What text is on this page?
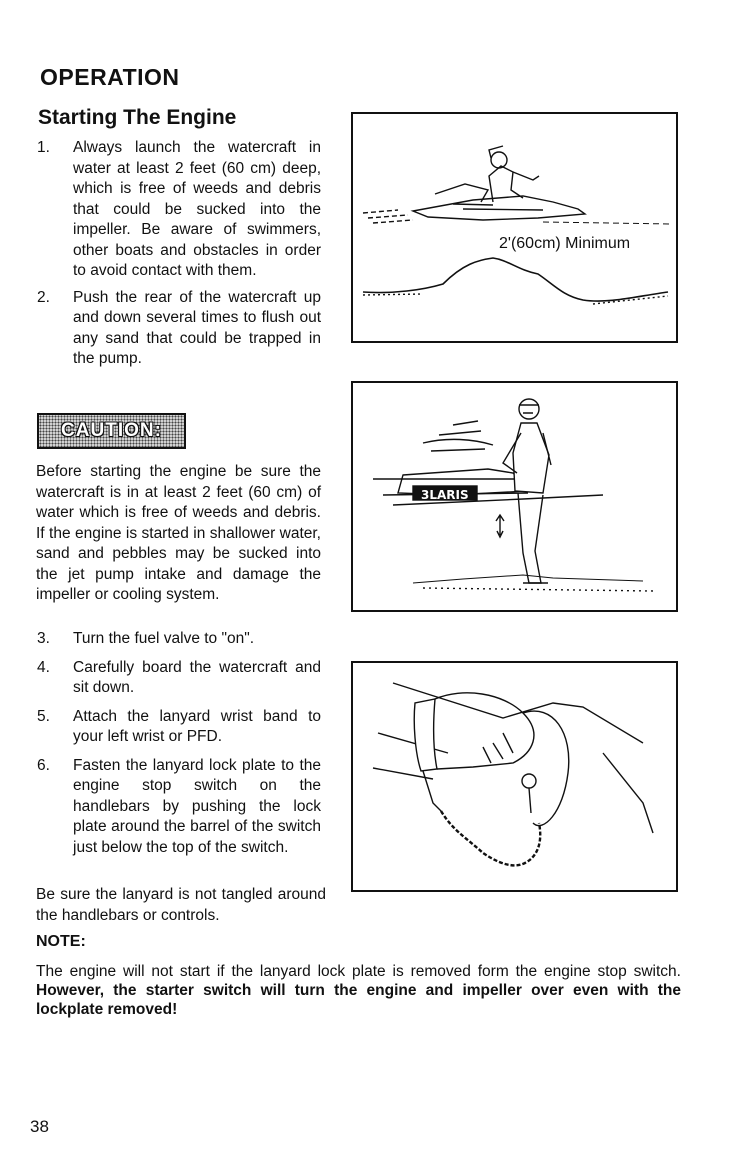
OPERATION
Starting The Engine

1. Always launch the watercraft in water at least 2 feet (60 cm) deep, which is free of weeds and debris that could be sucked into the impeller. Be aware of swimmers, other boats and obstacles in order to avoid contact with them.

2. Push the rear of the watercraft up and down several times to flush out any sand that could be trapped in the pump.

CAUTION:

Before starting the engine be sure the watercraft is in at least 2 feet (60 cm) of water which is free of weeds and debris. If the engine is started in shallower water, sand and pebbles may be sucked into the jet pump intake and damage the impeller or cooling system.

3. Turn the fuel valve to "on".

4. Carefully board the watercraft and sit down.

5. Attach the lanyard wrist band to your left wrist or PFD.

6. Fasten the lanyard lock plate to the engine stop switch on the handlebars by pushing the lock plate around the barrel of the switch just below the top of the switch.

Be sure the lanyard is not tangled around the handlebars or controls.

NOTE:

The engine will not start if the lanyard lock plate is removed form the engine stop switch. However, the starter switch will turn the engine and impeller over even with the lockplate removed!

2'(60cm) Minimum
3LARIS
38
